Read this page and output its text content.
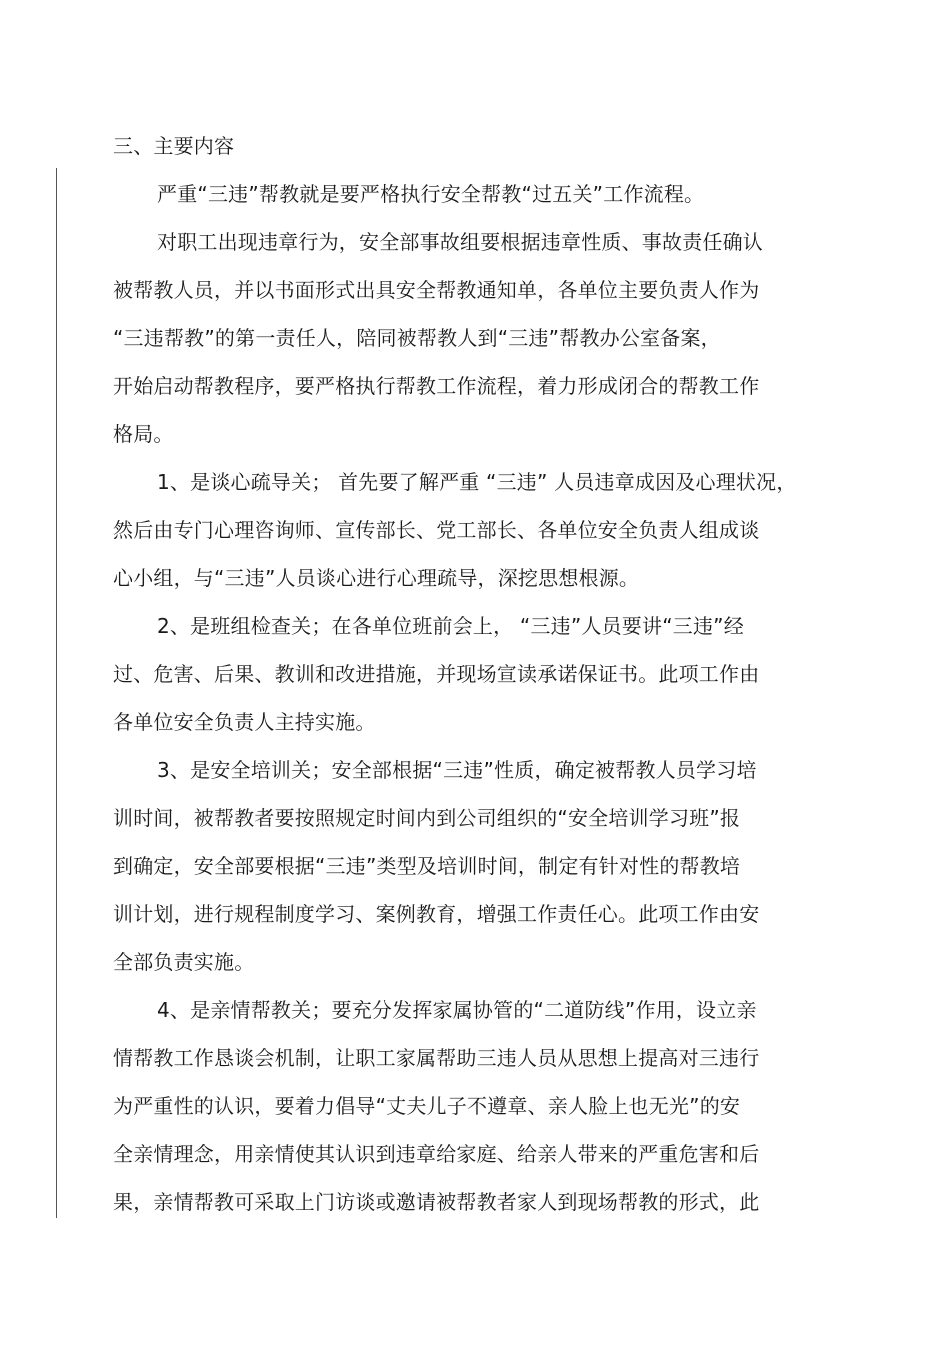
三、主要内容
严重“三违”帮教就是要严格执行安全帮教“过五关”工作流程。
对职工出现违章行为，安全部事故组要根据违章性质、事故责任确认
被帮教人员，并以书面形式出具安全帮教通知单，各单位主要负责人作为
“三违帮教”的第一责任人，陪同被帮教人到“三违”帮教办公室备案，
开始启动帮教程序，要严格执行帮教工作流程，着力形成闭合的帮教工作
格局。
1、是谈心疏导关； 首先要了解严重 “三违” 人员违章成因及心理状况，
然后由专门心理咨询师、宣传部长、党工部长、各单位安全负责人组成谈
心小组，与“三违”人员谈心进行心理疏导，深挖思想根源。
2、是班组检查关；在各单位班前会上， “三违”人员要讲“三违”经
过、危害、后果、教训和改进措施，并现场宣读承诺保证书。此项工作由
各单位安全负责人主持实施。
3、是安全培训关；安全部根据“三违”性质，确定被帮教人员学习培
训时间，被帮教者要按照规定时间内到公司组织的“安全培训学习班”报
到确定，安全部要根据“三违”类型及培训时间，制定有针对性的帮教培
训计划，进行规程制度学习、案例教育，增强工作责任心。此项工作由安
全部负责实施。
4、是亲情帮教关；要充分发挥家属协管的“二道防线”作用，设立亲
情帮教工作恳谈会机制，让职工家属帮助三违人员从思想上提高对三违行
为严重性的认识，要着力倡导“丈夫儿子不遵章、亲人脸上也无光”的安
全亲情理念，用亲情使其认识到违章给家庭、给亲人带来的严重危害和后
果，亲情帮教可采取上门访谈或邀请被帮教者家人到现场帮教的形式，此
